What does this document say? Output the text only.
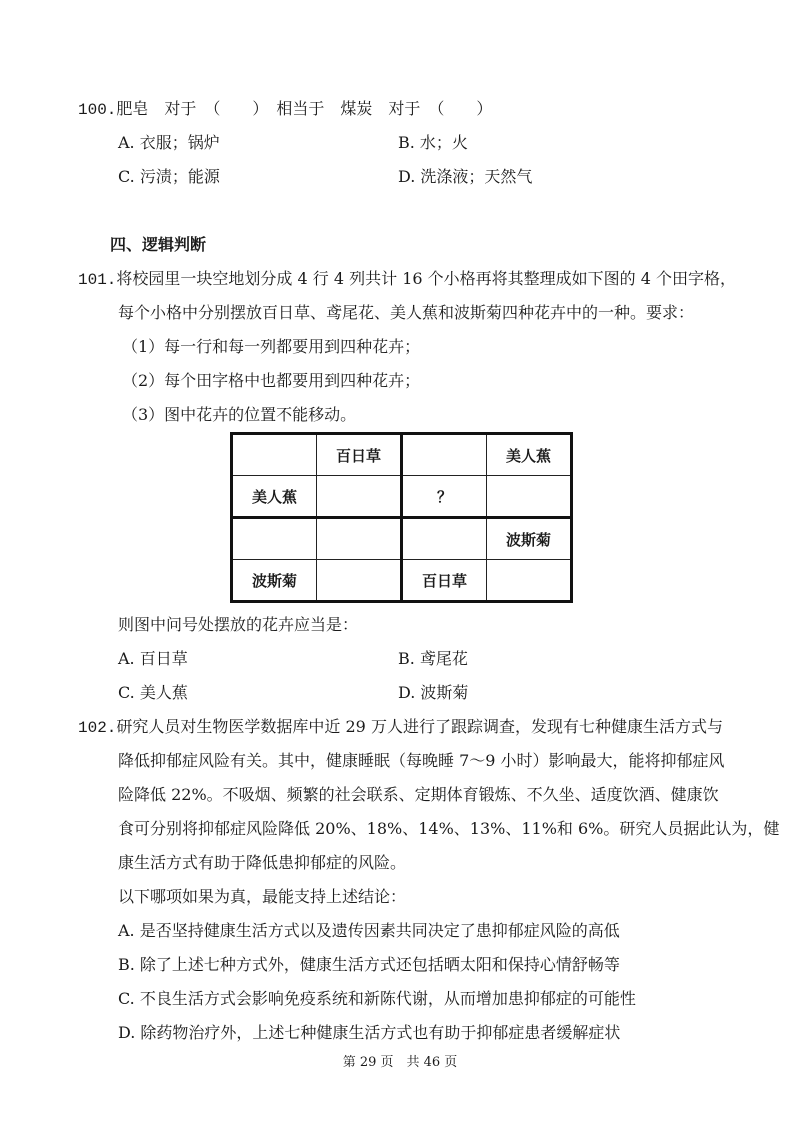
100.肥皂　对于　（　　）　相当于　煤炭　对于　（　　）
A. 衣服；锅炉	B. 水；火
C. 污渍；能源	D. 洗涤液；天然气
四、逻辑判断
101.将校园里一块空地划分成 4 行 4 列共计 16 个小格再将其整理成如下图的 4 个田字格，
每个小格中分别摆放百日草、鸢尾花、美人蕉和波斯菊四种花卉中的一种。要求：
（1）每一行和每一列都要用到四种花卉；
（2）每个田字格中也都要用到四种花卉；
（3）图中花卉的位置不能移动。
	百日草		美人蕉
美人蕉		？	
			波斯菊
波斯菊		百日草	
则图中问号处摆放的花卉应当是：
A. 百日草	B. 鸢尾花
C. 美人蕉	D. 波斯菊
102.研究人员对生物医学数据库中近 29 万人进行了跟踪调查，发现有七种健康生活方式与
降低抑郁症风险有关。其中，健康睡眠（每晚睡 7～9 小时）影响最大，能将抑郁症风
险降低 22%。不吸烟、频繁的社会联系、定期体育锻炼、不久坐、适度饮酒、健康饮
食可分别将抑郁症风险降低 20%、18%、14%、13%、11%和 6%。研究人员据此认为，健
康生活方式有助于降低患抑郁症的风险。
以下哪项如果为真，最能支持上述结论：
A. 是否坚持健康生活方式以及遗传因素共同决定了患抑郁症风险的高低
B. 除了上述七种方式外，健康生活方式还包括晒太阳和保持心情舒畅等
C. 不良生活方式会影响免疫系统和新陈代谢，从而增加患抑郁症的可能性
D. 除药物治疗外，上述七种健康生活方式也有助于抑郁症患者缓解症状
第 29 页　共 46 页
